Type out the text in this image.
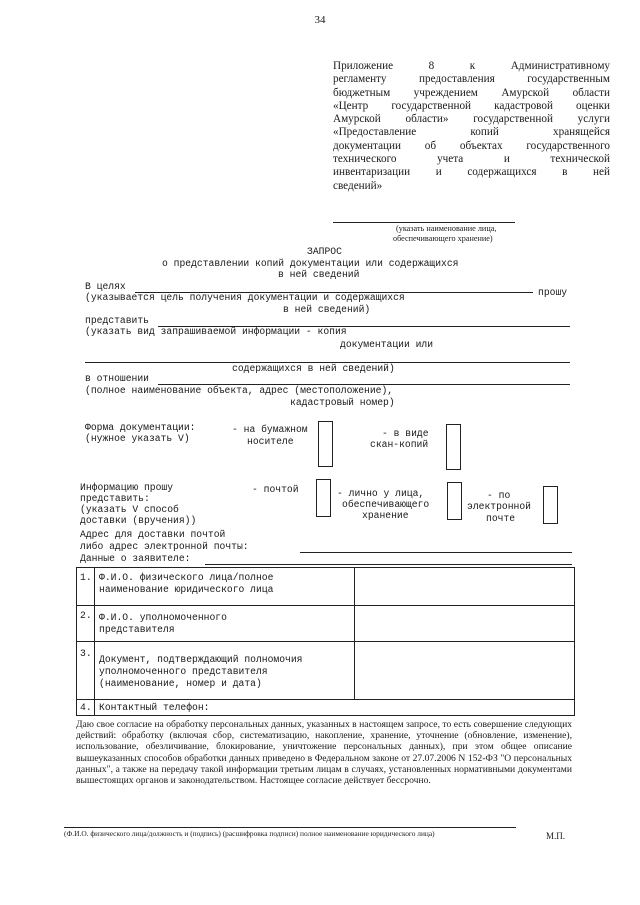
34
Приложение 8 к Административному
регламенту предоставления государственным
бюджетным учреждением Амурской области
«Центр государственной кадастровой оценки
Амурской области» государственной услуги
«Предоставление копий хранящейся
документации об объектах государственного
технического учета и технической
инвентаризации и содержащихся в ней
сведений»
(указать наименование лица,
обеспечивающего хранение)
ЗАПРОС
о представлении копий документации или содержащихся
в ней сведений
В целях
(указывается цель получения документации и содержащихся	прошу
в ней сведений)
представить
(указать вид запрашиваемой информации - копия
документации или
содержащихся в ней сведений)
в отношении
(полное наименование объекта, адрес (местоположение),
кадастровый номер)
Форма документации:
(нужное указать V)
- на бумажном
носителе
- в виде
скан-копий
Информацию прошу
представить:
(указать V способ
доставки (вручения))
- почтой	- лично у лица,
обеспечивающего
хранение
- по
электронной
почте
Адрес для доставки почтой
либо адрес электронной почты:
Данные о заявителе:
1.	Ф.И.О. физического лица/полное
наименование юридического лица	

2.	Ф.И.О. уполномоченного
представителя	

3.	Документ, подтверждающий полномочия
уполномоченного представителя
(наименование, номер и дата)	

4.	Контактный телефон:	
Даю свое согласие на обработку персональных данных, указанных в настоящем запросе, то есть совершение следующих действий: обработку (включая сбор, систематизацию, накопление, хранение, уточнение (обновление, изменение), использование, обезличивание, блокирование, уничтожение персональных данных), при этом общее описание вышеуказанных способов обработки данных приведено в Федеральном законе от 27.07.2006 N 152-ФЗ "О персональных данных", а также на передачу такой информации третьим лицам в случаях, установленных нормативными документами вышестоящих органов и законодательством. Настоящее согласие действует бессрочно.
(Ф.И.О. физического лица/должность и (подпись) (расшифровка подписи) полное наименование юридического лица)	М.П.
